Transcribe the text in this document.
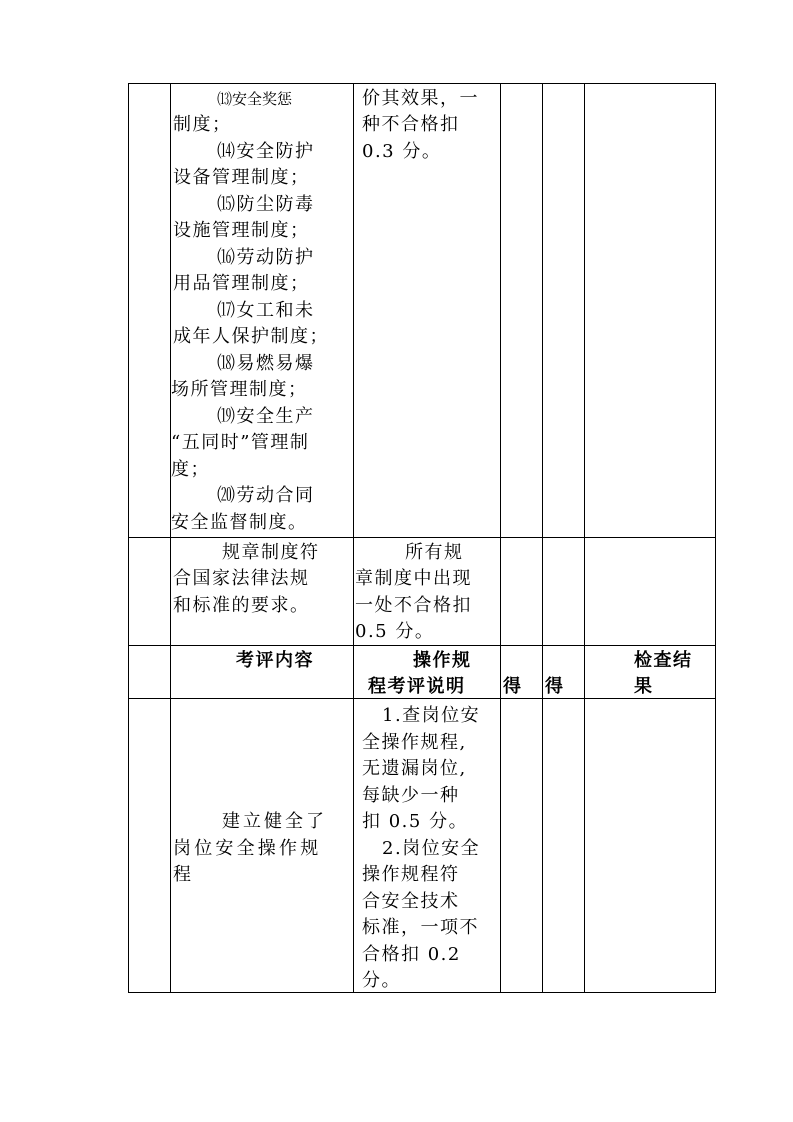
⒀安全奖惩
制度；
⒁安全防护
设备管理制度；
⒂防尘防毒
设施管理制度；
⒃劳动防护
用品管理制度；
⒄女工和未
成年人保护制度；
⒅易燃易爆
场所管理制度；
⒆安全生产
“五同时”管理制
度；
⒇劳动合同
安全监督制度。
价其效果，一
种不合格扣
0.3 分。
规章制度符
合国家法律法规
和标准的要求。
所有规
章制度中出现
一处不合格扣
0.5 分。
考评内容	操作规
程考评说明 得 得
检查结
果
建立健全了
岗位安全操作规
程
1.查岗位安
全操作规程,
无遗漏岗位,
每缺少一种
扣 0.5 分。
2.岗位安全
操作规程符
合安全技术
标准，一项不
合格扣 0.2
分。
